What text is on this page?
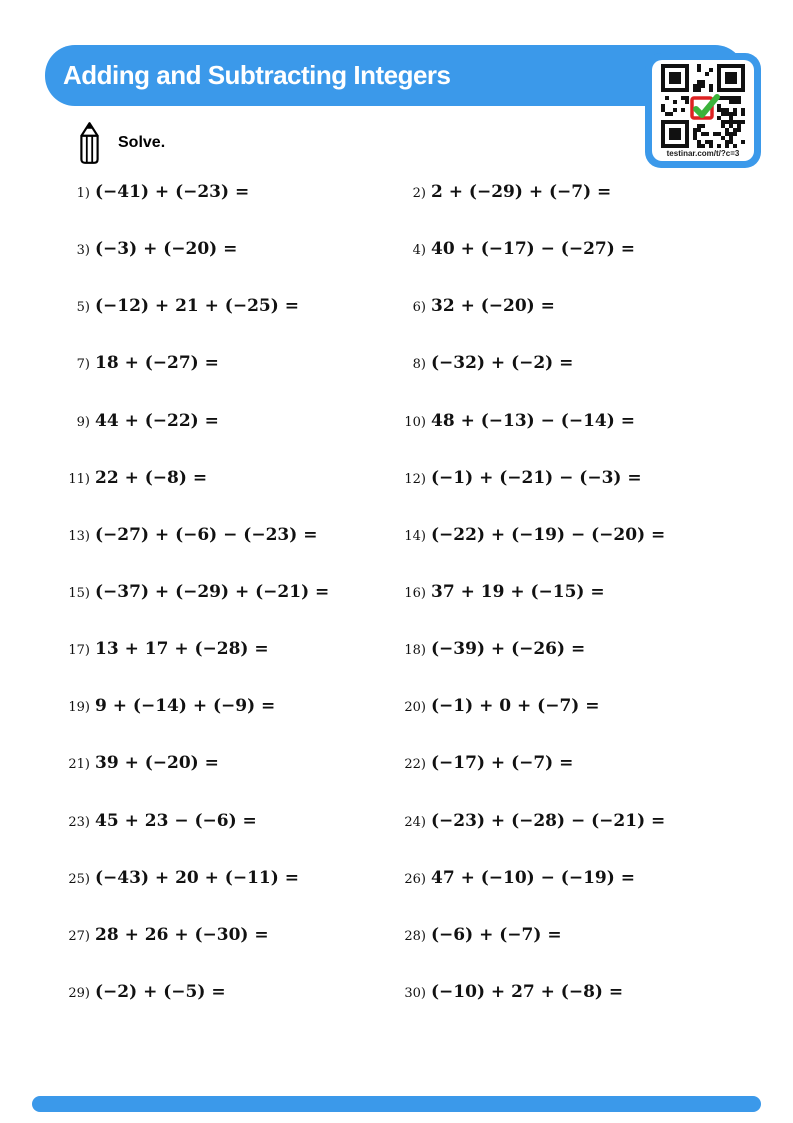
Adding and Subtracting Integers
testinar.com/t/?c=3
Solve.
1) (−41) + (−23) =	2) 2 + (−29) + (−7) =
3) (−3) + (−20) =	4) 40 + (−17) − (−27) =
5) (−12) + 21 + (−25) =	6) 32 + (−20) =
7) 18 + (−27) =	8) (−32) + (−2) =
9) 44 + (−22) =	10) 48 + (−13) − (−14) =
11) 22 + (−8) =	12) (−1) + (−21) − (−3) =
13) (−27) + (−6) − (−23) =	14) (−22) + (−19) − (−20) =
15) (−37) + (−29) + (−21) =	16) 37 + 19 + (−15) =
17) 13 + 17 + (−28) =	18) (−39) + (−26) =
19) 9 + (−14) + (−9) =	20) (−1) + 0 + (−7) =
21) 39 + (−20) =	22) (−17) + (−7) =
23) 45 + 23 − (−6) =	24) (−23) + (−28) − (−21) =
25) (−43) + 20 + (−11) =	26) 47 + (−10) − (−19) =
27) 28 + 26 + (−30) =	28) (−6) + (−7) =
29) (−2) + (−5) =	30) (−10) + 27 + (−8) =
